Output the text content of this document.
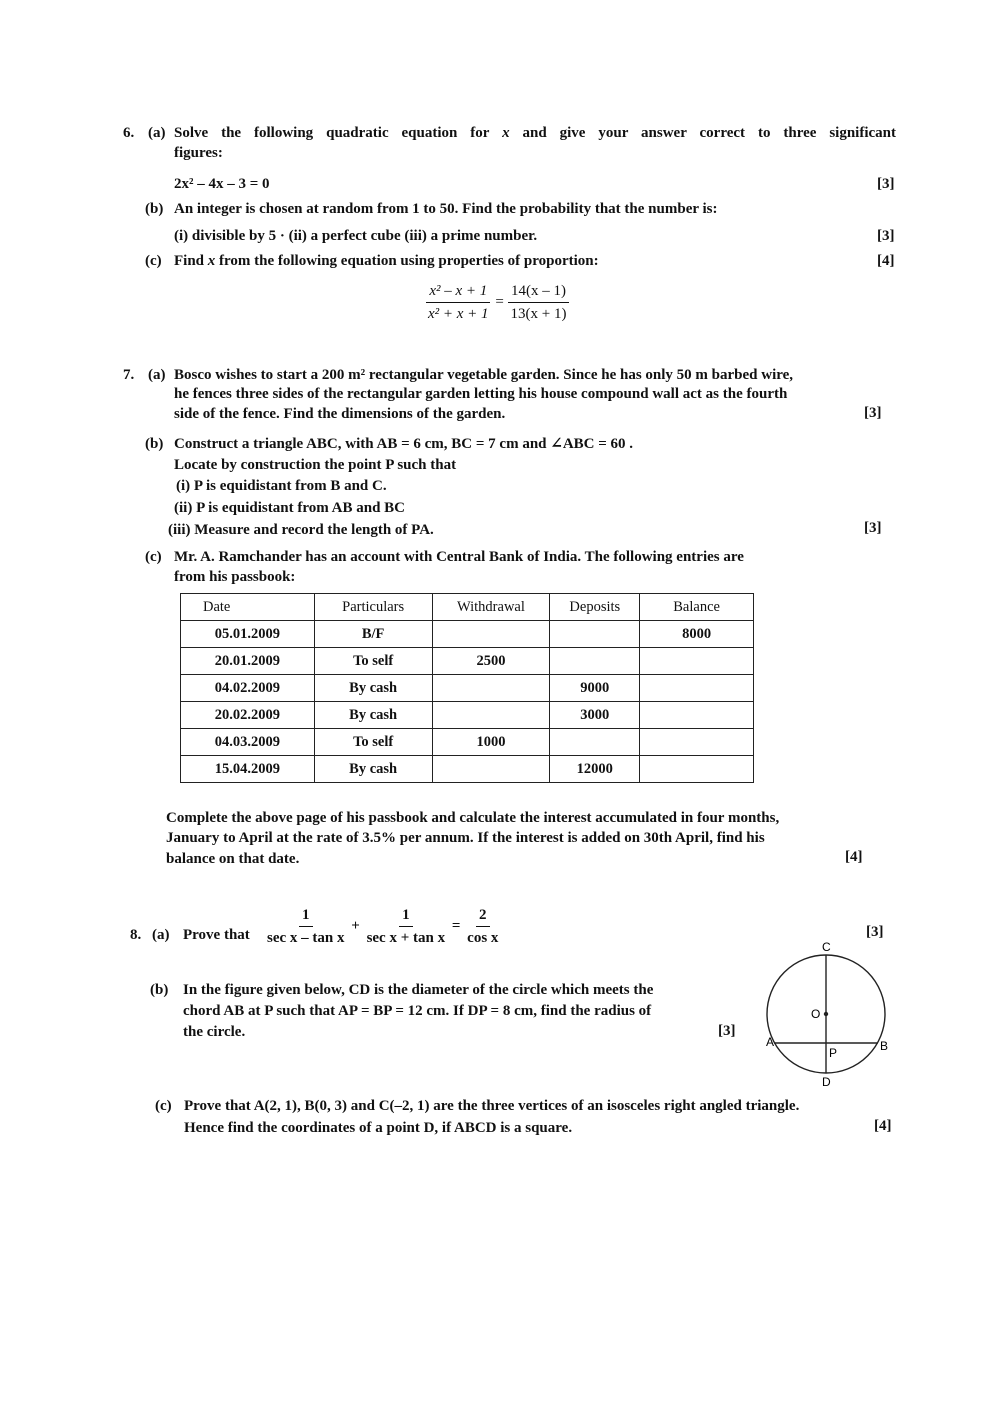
6. (a) Solve the following quadratic equation for x and give your answer correct to three significant
figures:
2x² – 4x – 3 = 0	[3]
(b) An integer is chosen at random from 1 to 50. Find the probability that the number is:
(i) divisible by 5 · (ii) a perfect cube (iii) a prime number.	[3]
(c) Find x from the following equation using properties of proportion:	[4]
$\frac{\text{x² – x + 1}}{\text{x² + x + 1}} = \frac{14(x - 1)}{13(x + 1)}$
7. (a) Bosco wishes to start a 200 m² rectangular vegetable garden. Since he has only 50 m barbed wire,
he fences three sides of the rectangular garden letting his house compound wall act as the fourth
side of the fence. Find the dimensions of the garden.	[3]
(b) Construct a triangle ABC, with AB = 6 cm, BC = 7 cm and ∠ABC = 60 .
Locate by construction the point P such that
(i) P is equidistant from B and C.
(ii) P is equidistant from AB and BC
(iii) Measure and record the length of PA.	[3]
(c) Mr. A. Ramchander has an account with Central Bank of India. The following entries are
from his passbook:
Date	Particulars	Withdrawal	Deposits	Balance
05.01.2009	B/F			8000
20.01.2009	To self	2500		
04.02.2009	By cash		9000	
20.02.2009	By cash		3000	
04.03.2009	To self	1000		
15.04.2009	By cash		12000	
Complete the above page of his passbook and calculate the interest accumulated in four months,
January to April at the rate of 3.5% per annum. If the interest is added on 30th April, find his
balance on that date.	[4]
8. (a) Prove that $\frac{1}{\text{sec x – tan x}} + \frac{1}{\text{sec x + tan x}} = \frac{2}{\text{cos x}}$	[3]
(b) In the figure given below, CD is the diameter of the circle which meets the
chord AB at P such that AP = BP = 12 cm. If DP = 8 cm, find the radius of
the circle.	[3]
C
O
A	B
P
D
(c) Prove that A(2, 1), B(0, 3) and C(–2, 1) are the three vertices of an isosceles right angled triangle.
Hence find the coordinates of a point D, if ABCD is a square.	[4]
